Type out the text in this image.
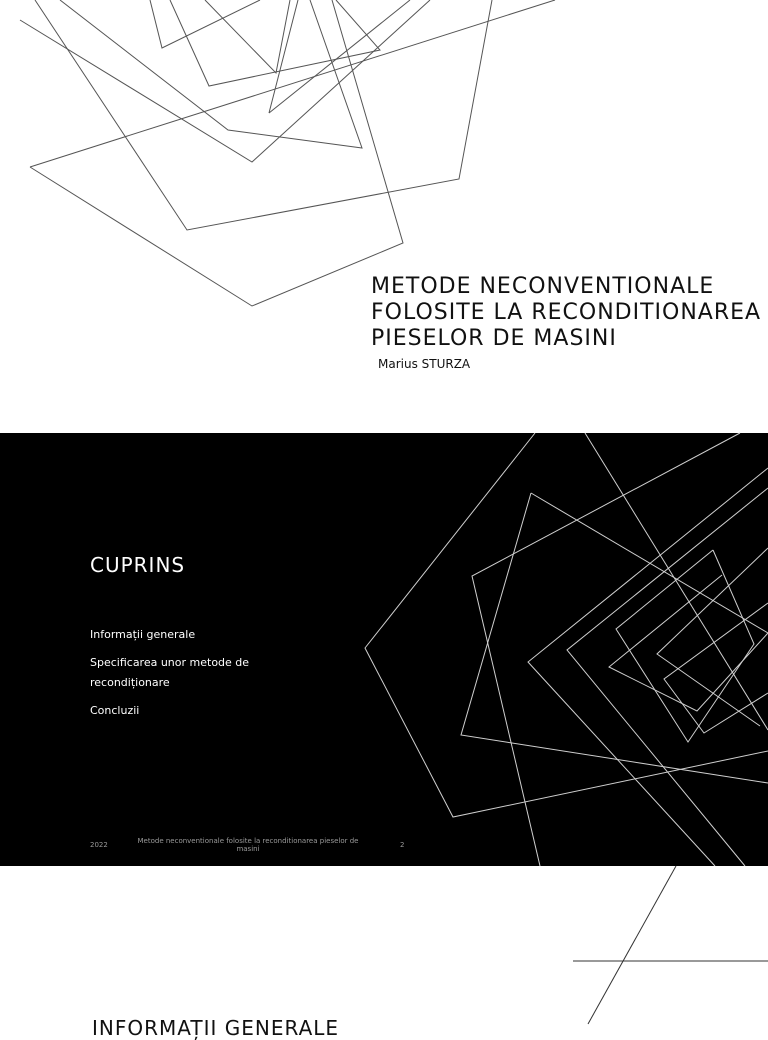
METODE NECONVENTIONALE
FOLOSITE LA RECONDITIONAREA
PIESELOR DE MASINI

Marius STURZA

CUPRINS
Informații generale
Specificarea unor metode de recondiționare
Concluzii
2022	Metode neconventionale folosite la reconditionarea pieselor de masini	2
INFORMAȚII GENERALE
